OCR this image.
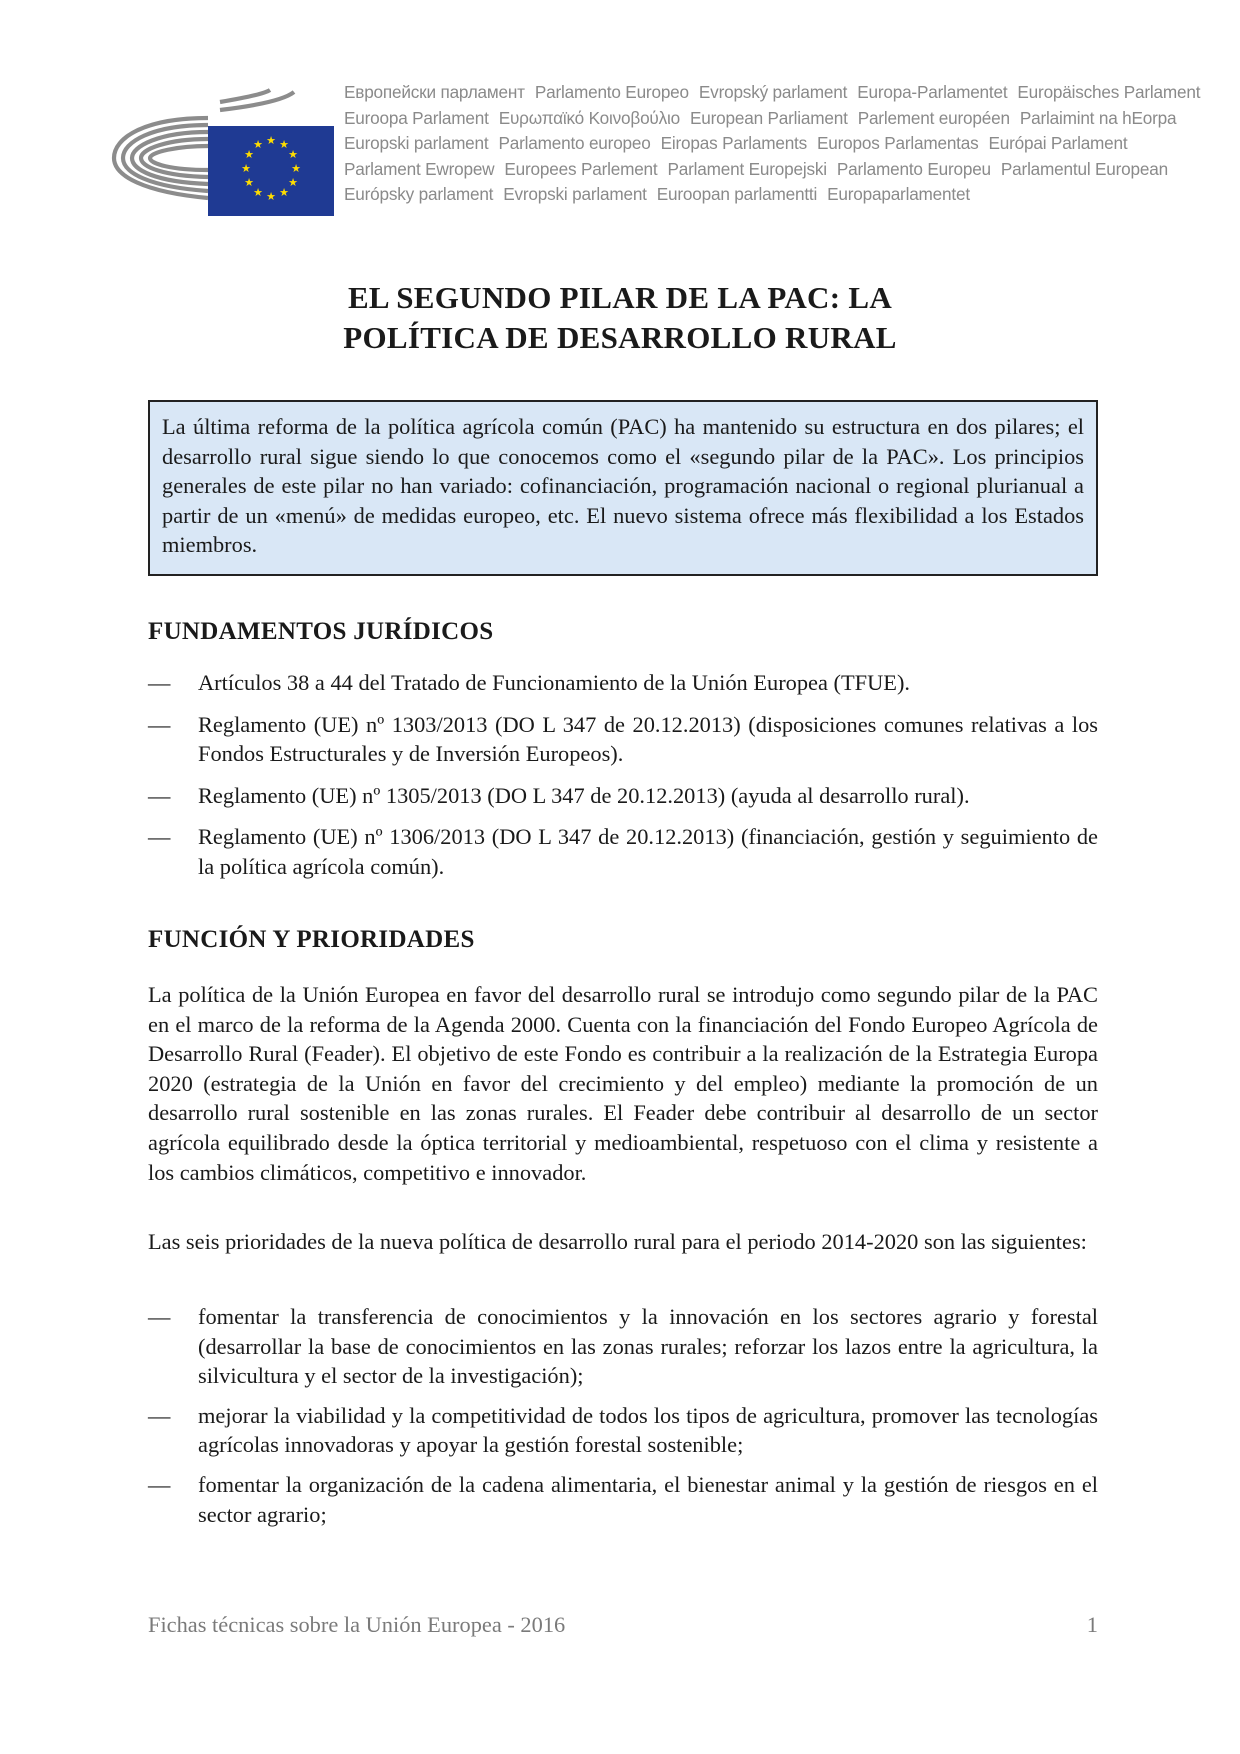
★ ★
★
★
★
★
★
★
★
★
★
★
Европейски парламент Parlamento Europeo Evropský parlament Europa-Parlamentet Europäisches Parlament
Euroopa Parlament Ευρωπαϊκό Κοινοβούλιο European Parliament Parlement européen Parlaimint na hEorpa
Europski parlament Parlamento europeo Eiropas Parlaments Europos Parlamentas Európai Parlament
Parlament Ewropew Europees Parlement Parlament Europejski Parlamento Europeu Parlamentul European
Európsky parlament Evropski parlament Euroopan parlamentti Europaparlamentet
EL SEGUNDO PILAR DE LA PAC: LA
POLÍTICA DE DESARROLLO RURAL
La última reforma de la política agrícola común (PAC) ha mantenido su estructura en dos pilares; el desarrollo rural sigue siendo lo que conocemos como el «segundo pilar de la PAC». Los principios generales de este pilar no han variado: cofinanciación, programación nacional o regional plurianual a partir de un «menú» de medidas europeo, etc. El nuevo sistema ofrece más flexibilidad a los Estados miembros.
FUNDAMENTOS JURÍDICOS
— Artículos 38 a 44 del Tratado de Funcionamiento de la Unión Europea (TFUE).
— Reglamento (UE) nº 1303/2013 (DO L 347 de 20.12.2013) (disposiciones comunes relativas a los Fondos Estructurales y de Inversión Europeos).
— Reglamento (UE) nº 1305/2013 (DO L 347 de 20.12.2013) (ayuda al desarrollo rural).
— Reglamento (UE) nº 1306/2013 (DO L 347 de 20.12.2013) (financiación, gestión y seguimiento de la política agrícola común).
FUNCIÓN Y PRIORIDADES

La política de la Unión Europea en favor del desarrollo rural se introdujo como segundo pilar de la PAC en el marco de la reforma de la Agenda 2000. Cuenta con la financiación del Fondo Europeo Agrícola de Desarrollo Rural (Feader). El objetivo de este Fondo es contribuir a la realización de la Estrategia Europa 2020 (estrategia de la Unión en favor del crecimiento y del empleo) mediante la promoción de un desarrollo rural sostenible en las zonas rurales. El Feader debe contribuir al desarrollo de un sector agrícola equilibrado desde la óptica territorial y medioambiental, respetuoso con el clima y resistente a los cambios climáticos, competitivo e innovador.

Las seis prioridades de la nueva política de desarrollo rural para el periodo 2014-2020 son las siguientes:

— fomentar la transferencia de conocimientos y la innovación en los sectores agrario y forestal (desarrollar la base de conocimientos en las zonas rurales; reforzar los lazos entre la agricultura, la silvicultura y el sector de la investigación);
— mejorar la viabilidad y la competitividad de todos los tipos de agricultura, promover las tecnologías agrícolas innovadoras y apoyar la gestión forestal sostenible;
— fomentar la organización de la cadena alimentaria, el bienestar animal y la gestión de riesgos en el sector agrario;
Fichas técnicas sobre la Unión Europea - 2016	1
